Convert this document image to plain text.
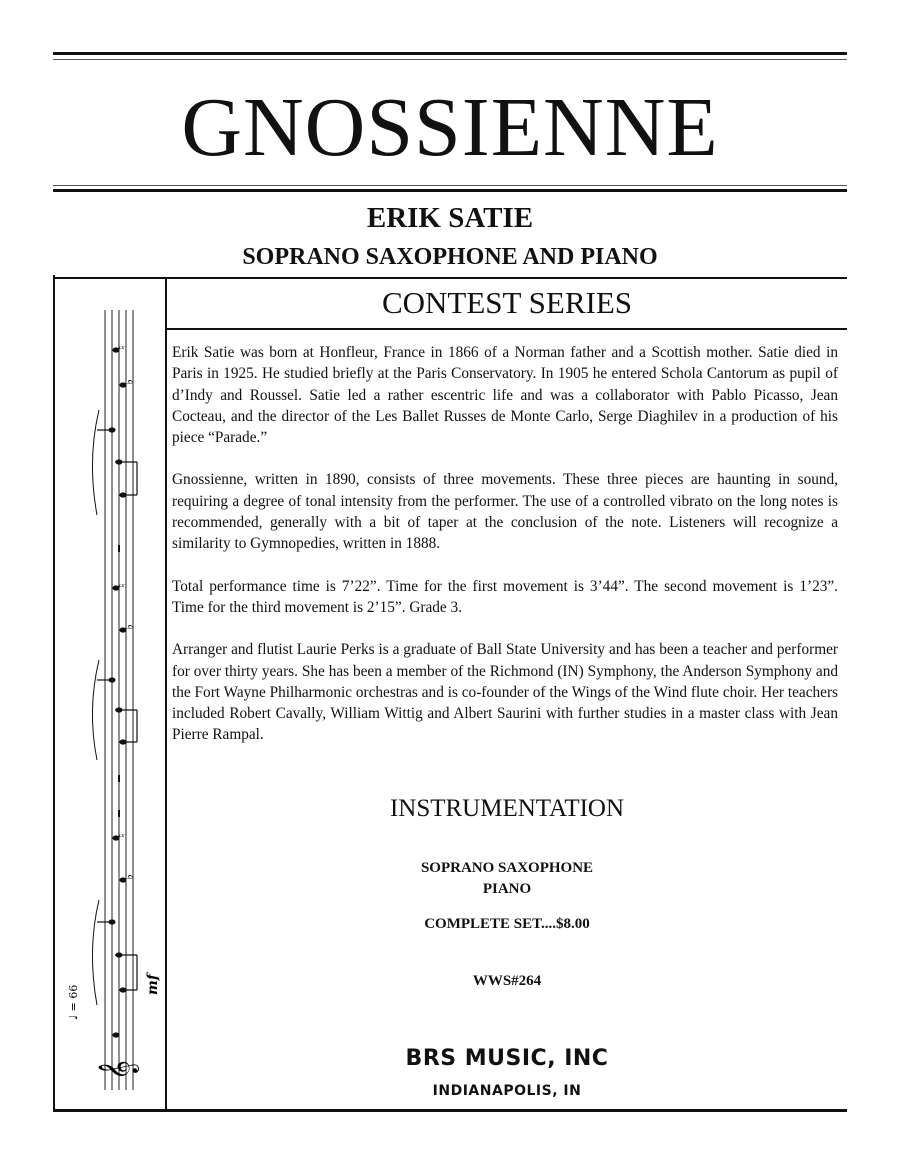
GNOSSIENNE
ERIK SATIE
SOPRANO SAXOPHONE AND PIANO
CONTEST SERIES

Erik Satie was born at Honfleur, France in 1866 of a Norman father and a Scottish mother. Satie died in Paris in 1925. He studied briefly at the Paris Conservatory. In 1905 he entered Schola Cantorum as pupil of d’Indy and Roussel. Satie led a rather escentric life and was a collaborator with Pablo Picasso, Jean Cocteau, and the director of the Les Ballet Russes de Monte Carlo, Serge Diaghilev in a production of his piece “Parade.”

Gnossienne, written in 1890, consists of three movements. These three pieces are haunting in sound, requiring a degree of tonal intensity from the performer. The use of a controlled vibrato on the long notes is recommended, generally with a bit of taper at the conclusion of the note. Listeners will recognize a similarity to Gymnopedies, written in 1888.

Total performance time is 7’22”. Time for the first movement is 3’44”. The second movement is 1’23”. Time for the third movement is 2’15”. Grade 3.

Arranger and flutist Laurie Perks is a graduate of Ball State University and has been a teacher and performer for over thirty years. She has been a member of the Richmond (IN) Symphony, the Anderson Symphony and the Fort Wayne Philharmonic orchestras and is co-founder of the Wings of the Wind flute choir. Her teachers included Robert Cavally, William Wittig and Albert Saurini with further studies in a master class with Jean Pierre Rampal.

INSTRUMENTATION
SOPRANO SAXOPHONE
PIANO
COMPLETE SET....$8.00
WWS#264
BRS MUSIC, INC
INDIANAPOLIS, IN
𝄞
♭
♮
♭
♮
♭
♮
♩ = 66
mf
